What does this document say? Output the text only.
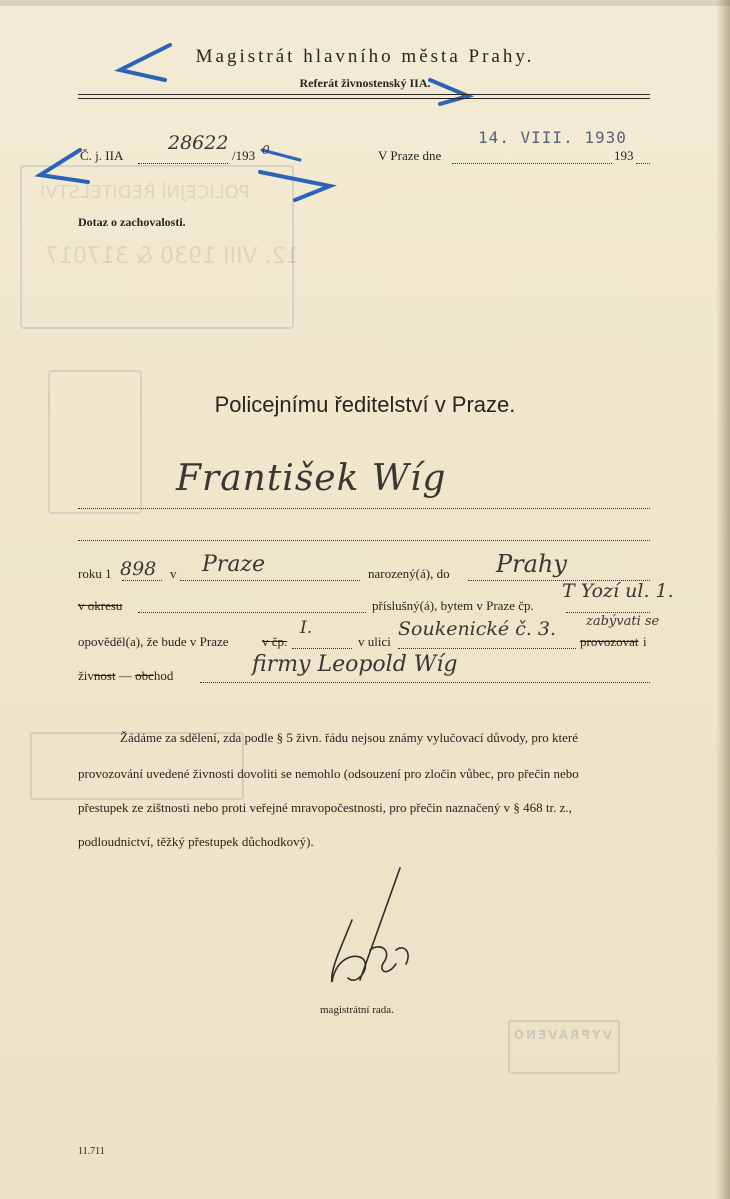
POLICEJNÍ ŘEDITELSTVÍ
12. VIII 1930 & 317017
VYPRAVENO
Magistrát hlavního města Prahy.
Referát živnostenský IIA.
Č. j. IIA
28622
/193 0	V Praze dne
14. VIII. 1930
193
Dotaz o zachovalosti.
Policejnímu ředitelství v Praze.
František Wíg
roku 1 898 v Praze	narozený(á), do Prahy
v okresu	příslušný(á), bytem v Praze čp.
T Yozí ul. 1.
opověděl(a), že bude v Praze	v čp.
I.
v ulici
Soukenické č. 3. zabývati se
provozovat i
živnost — obchod	firmy Leopold Wíg
Žádáme za sdělení, zda podle § 5 živn. řádu nejsou známy vylučovací důvody, pro které
provozování uvedené živnosti dovoliti se nemohlo (odsouzení pro zločin vůbec, pro přečin nebo
přestupek ze zištnosti nebo proti veřejné mravopočestnosti, pro přečin naznačený v § 468 tr. z.,
podloudnictví, těžký přestupek důchodkový).
magistrátní rada.
11.711
